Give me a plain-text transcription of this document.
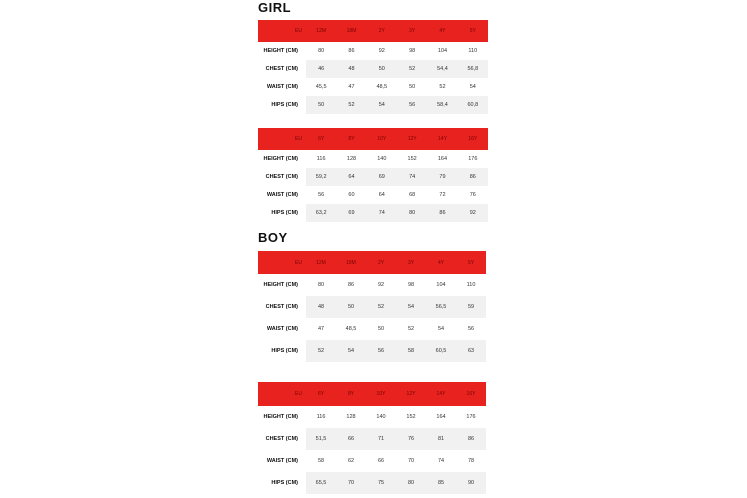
GIRL
BOY
EU	12M	18M	2Y	3Y	4Y	5Y
HEIGHT (CM)	80	86	92	98	104	110
CHEST (CM)	46	48	50	52	54,4	56,8
WAIST (CM)	45,5	47	48,5	50	52	54
HIPS (CM)	50	52	54	56	58,4	60,8
EU	6Y	8Y	10Y	12Y	14Y	16Y
HEIGHT (CM)	116	128	140	152	164	176
CHEST (CM)	59,2	64	69	74	79	86
WAIST (CM)	56	60	64	68	72	76
HIPS (CM)	63,2	69	74	80	86	92
EU	12M	18M	2Y	3Y	4Y	5Y
HEIGHT (CM)	80	86	92	98	104	110
CHEST (CM)	48	50	52	54	56,5	59
WAIST (CM)	47	48,5	50	52	54	56
HIPS (CM)	52	54	56	58	60,5	63
EU	6Y	8Y	10Y	12Y	14Y	16Y
HEIGHT (CM)	116	128	140	152	164	176
CHEST (CM)	51,5	66	71	76	81	86
WAIST (CM)	58	62	66	70	74	78
HIPS (CM)	65,5	70	75	80	85	90
